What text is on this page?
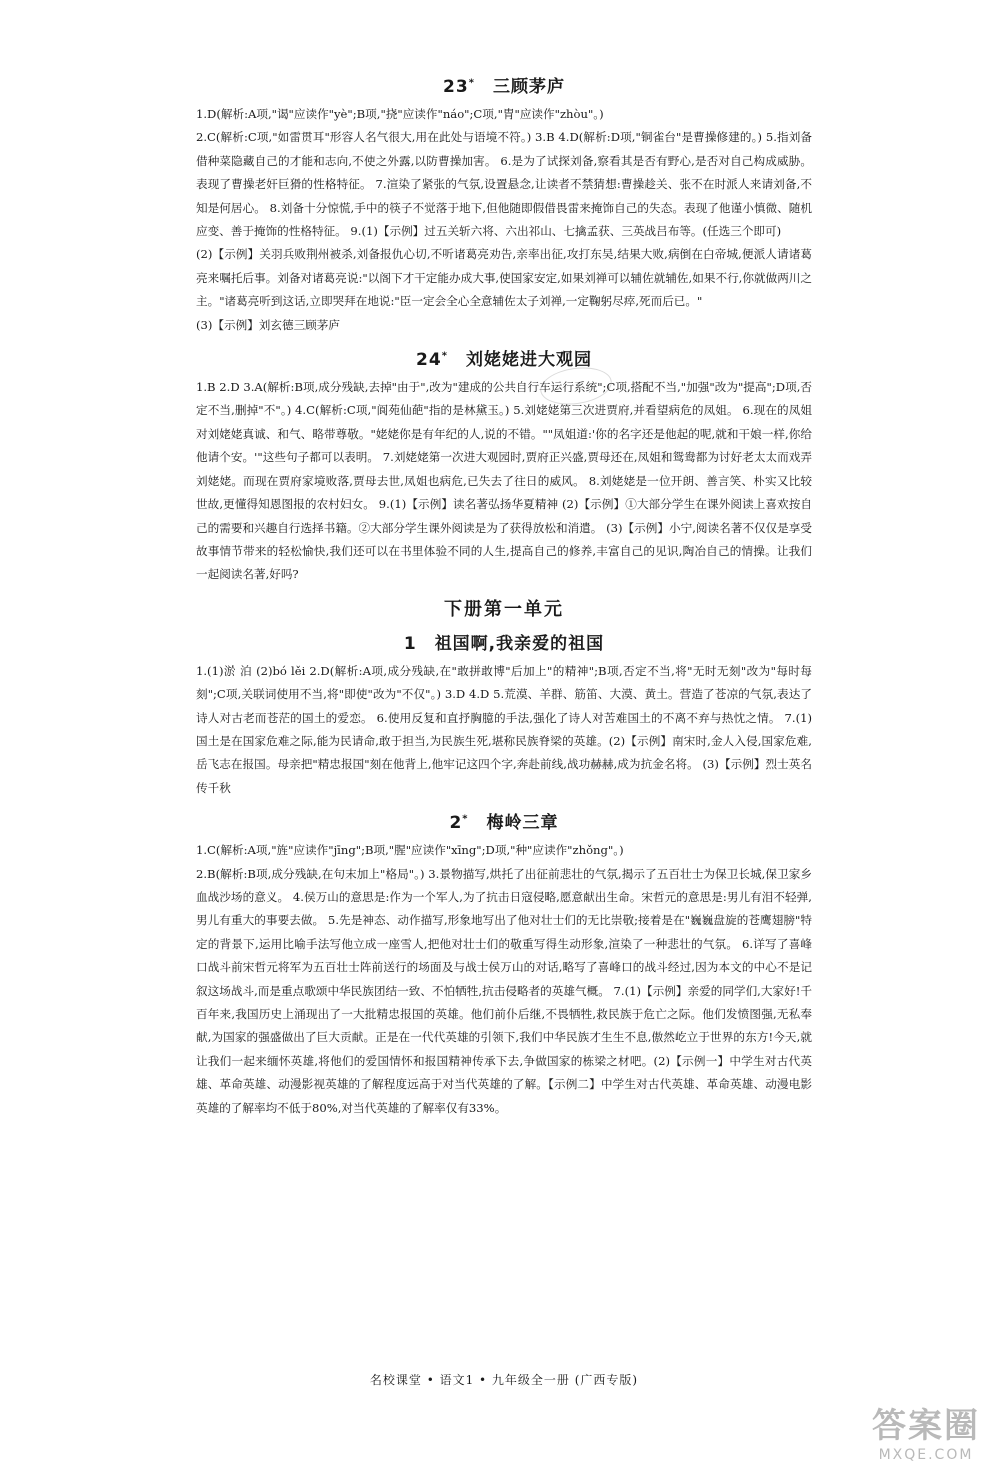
23* 三顾茅庐

1.D(解析:A项,"谒"应读作"yè";B项,"挠"应读作"náo";C项,"胄"应读作"zhòu"。)
2.C(解析:C项,"如雷贯耳"形容人名气很大,用在此处与语境不符。) 3.B 4.D(解析:D项,"铜雀台"是曹操修建的。) 5.指刘备借种菜隐藏自己的才能和志向,不使之外露,以防曹操加害。 6.是为了试探刘备,察看其是否有野心,是否对自己构成威胁。表现了曹操老奸巨猾的性格特征。 7.渲染了紧张的气氛,设置悬念,让读者不禁猜想:曹操趁关、张不在时派人来请刘备,不知是何居心。 8.刘备十分惊慌,手中的筷子不觉落于地下,但他随即假借畏雷来掩饰自己的失态。表现了他谨小慎微、随机应变、善于掩饰的性格特征。 9.(1)【示例】过五关斩六将、六出祁山、七擒孟获、三英战吕布等。(任选三个即可)
(2)【示例】关羽兵败荆州被杀,刘备报仇心切,不听诸葛亮劝告,亲率出征,攻打东吴,结果大败,病倒在白帝城,便派人请诸葛亮来嘱托后事。刘备对诸葛亮说:"以阁下才干定能办成大事,使国家安定,如果刘禅可以辅佐就辅佐,如果不行,你就做两川之主。"诸葛亮听到这话,立即哭拜在地说:"臣一定会全心全意辅佐太子刘禅,一定鞠躬尽瘁,死而后已。"
(3)【示例】刘玄德三顾茅庐

24* 刘姥姥进大观园

1.B 2.D 3.A(解析:B项,成分残缺,去掉"由于",改为"建成的公共自行车运行系统";C项,搭配不当,"加强"改为"提高";D项,否定不当,删掉"不"。) 4.C(解析:C项,"阆苑仙葩"指的是林黛玉。) 5.刘姥姥第三次进贾府,并看望病危的凤姐。 6.现在的凤姐对刘姥姥真诚、和气、略带尊敬。"姥姥你是有年纪的人,说的不错。""凤姐道:'你的名字还是他起的呢,就和干娘一样,你给他请个安。'"这些句子都可以表明。 7.刘姥姥第一次进大观园时,贾府正兴盛,贾母还在,凤姐和鸳鸯都为讨好老太太而戏弄刘姥姥。而现在贾府家境败落,贾母去世,凤姐也病危,已失去了往日的威风。 8.刘姥姥是一位开朗、善言笑、朴实又比较世故,更懂得知恩图报的农村妇女。 9.(1)【示例】读名著弘扬华夏精神 (2)【示例】①大部分学生在课外阅读上喜欢按自己的需要和兴趣自行选择书籍。②大部分学生课外阅读是为了获得放松和消遣。 (3)【示例】小宁,阅读名著不仅仅是享受故事情节带来的轻松愉快,我们还可以在书里体验不同的人生,提高自己的修养,丰富自己的见识,陶冶自己的情操。让我们一起阅读名著,好吗?

下册第一单元
1 祖国啊,我亲爱的祖国

1.(1)淤 泊 (2)bó lěi 2.D(解析:A项,成分残缺,在"敢拼敢博"后加上"的精神";B项,否定不当,将"无时无刻"改为"每时每刻";C项,关联词使用不当,将"即使"改为"不仅"。) 3.D 4.D 5.荒漠、羊群、筋笛、大漠、黄土。营造了苍凉的气氛,表达了诗人对古老而苍茫的国土的爱恋。 6.使用反复和直抒胸臆的手法,强化了诗人对苦难国土的不离不弃与热忱之情。 7.(1)国土是在国家危难之际,能为民请命,敢于担当,为民族生死,堪称民族脊梁的英雄。(2)【示例】南宋时,金人入侵,国家危难,岳飞志在报国。母亲把"精忠报国"刻在他背上,他牢记这四个字,奔赴前线,战功赫赫,成为抗金名将。 (3)【示例】烈士英名传千秋

2* 梅岭三章

1.C(解析:A项,"旌"应读作"jīng";B项,"腥"应读作"xīng";D项,"种"应读作"zhǒng"。)
2.B(解析:B项,成分残缺,在句末加上"格局"。) 3.景物描写,烘托了出征前悲壮的气氛,揭示了五百壮士为保卫长城,保卫家乡血战沙场的意义。 4.侯万山的意思是:作为一个军人,为了抗击日寇侵略,愿意献出生命。宋哲元的意思是:男儿有泪不轻弹,男儿有重大的事要去做。 5.先是神态、动作描写,形象地写出了他对壮士们的无比崇敬;接着是在"巍巍盘旋的苍鹰翅膀"特定的背景下,运用比喻手法写他立成一座雪人,把他对壮士们的敬重写得生动形象,渲染了一种悲壮的气氛。 6.详写了喜峰口战斗前宋哲元将军为五百壮士阵前送行的场面及与战士侯万山的对话,略写了喜峰口的战斗经过,因为本文的中心不是记叙这场战斗,而是重点歌颂中华民族团结一致、不怕牺牲,抗击侵略者的英雄气概。 7.(1)【示例】亲爱的同学们,大家好!千百年来,我国历史上涌现出了一大批精忠报国的英雄。他们前仆后继,不畏牺牲,救民族于危亡之际。他们发愤图强,无私奉献,为国家的强盛做出了巨大贡献。正是在一代代英雄的引领下,我们中华民族才生生不息,傲然屹立于世界的东方!今天,就让我们一起来缅怀英雄,将他们的爱国情怀和报国精神传承下去,争做国家的栋梁之材吧。(2)【示例一】中学生对古代英雄、革命英雄、动漫影视英雄的了解程度远高于对当代英雄的了解。【示例二】中学生对古代英雄、革命英雄、动漫电影英雄的了解率均不低于80%,对当代英雄的了解率仅有33%。

名校课堂 • 语文1 • 九年级全一册 (广西专版)
答案圈
MXQE.COM
